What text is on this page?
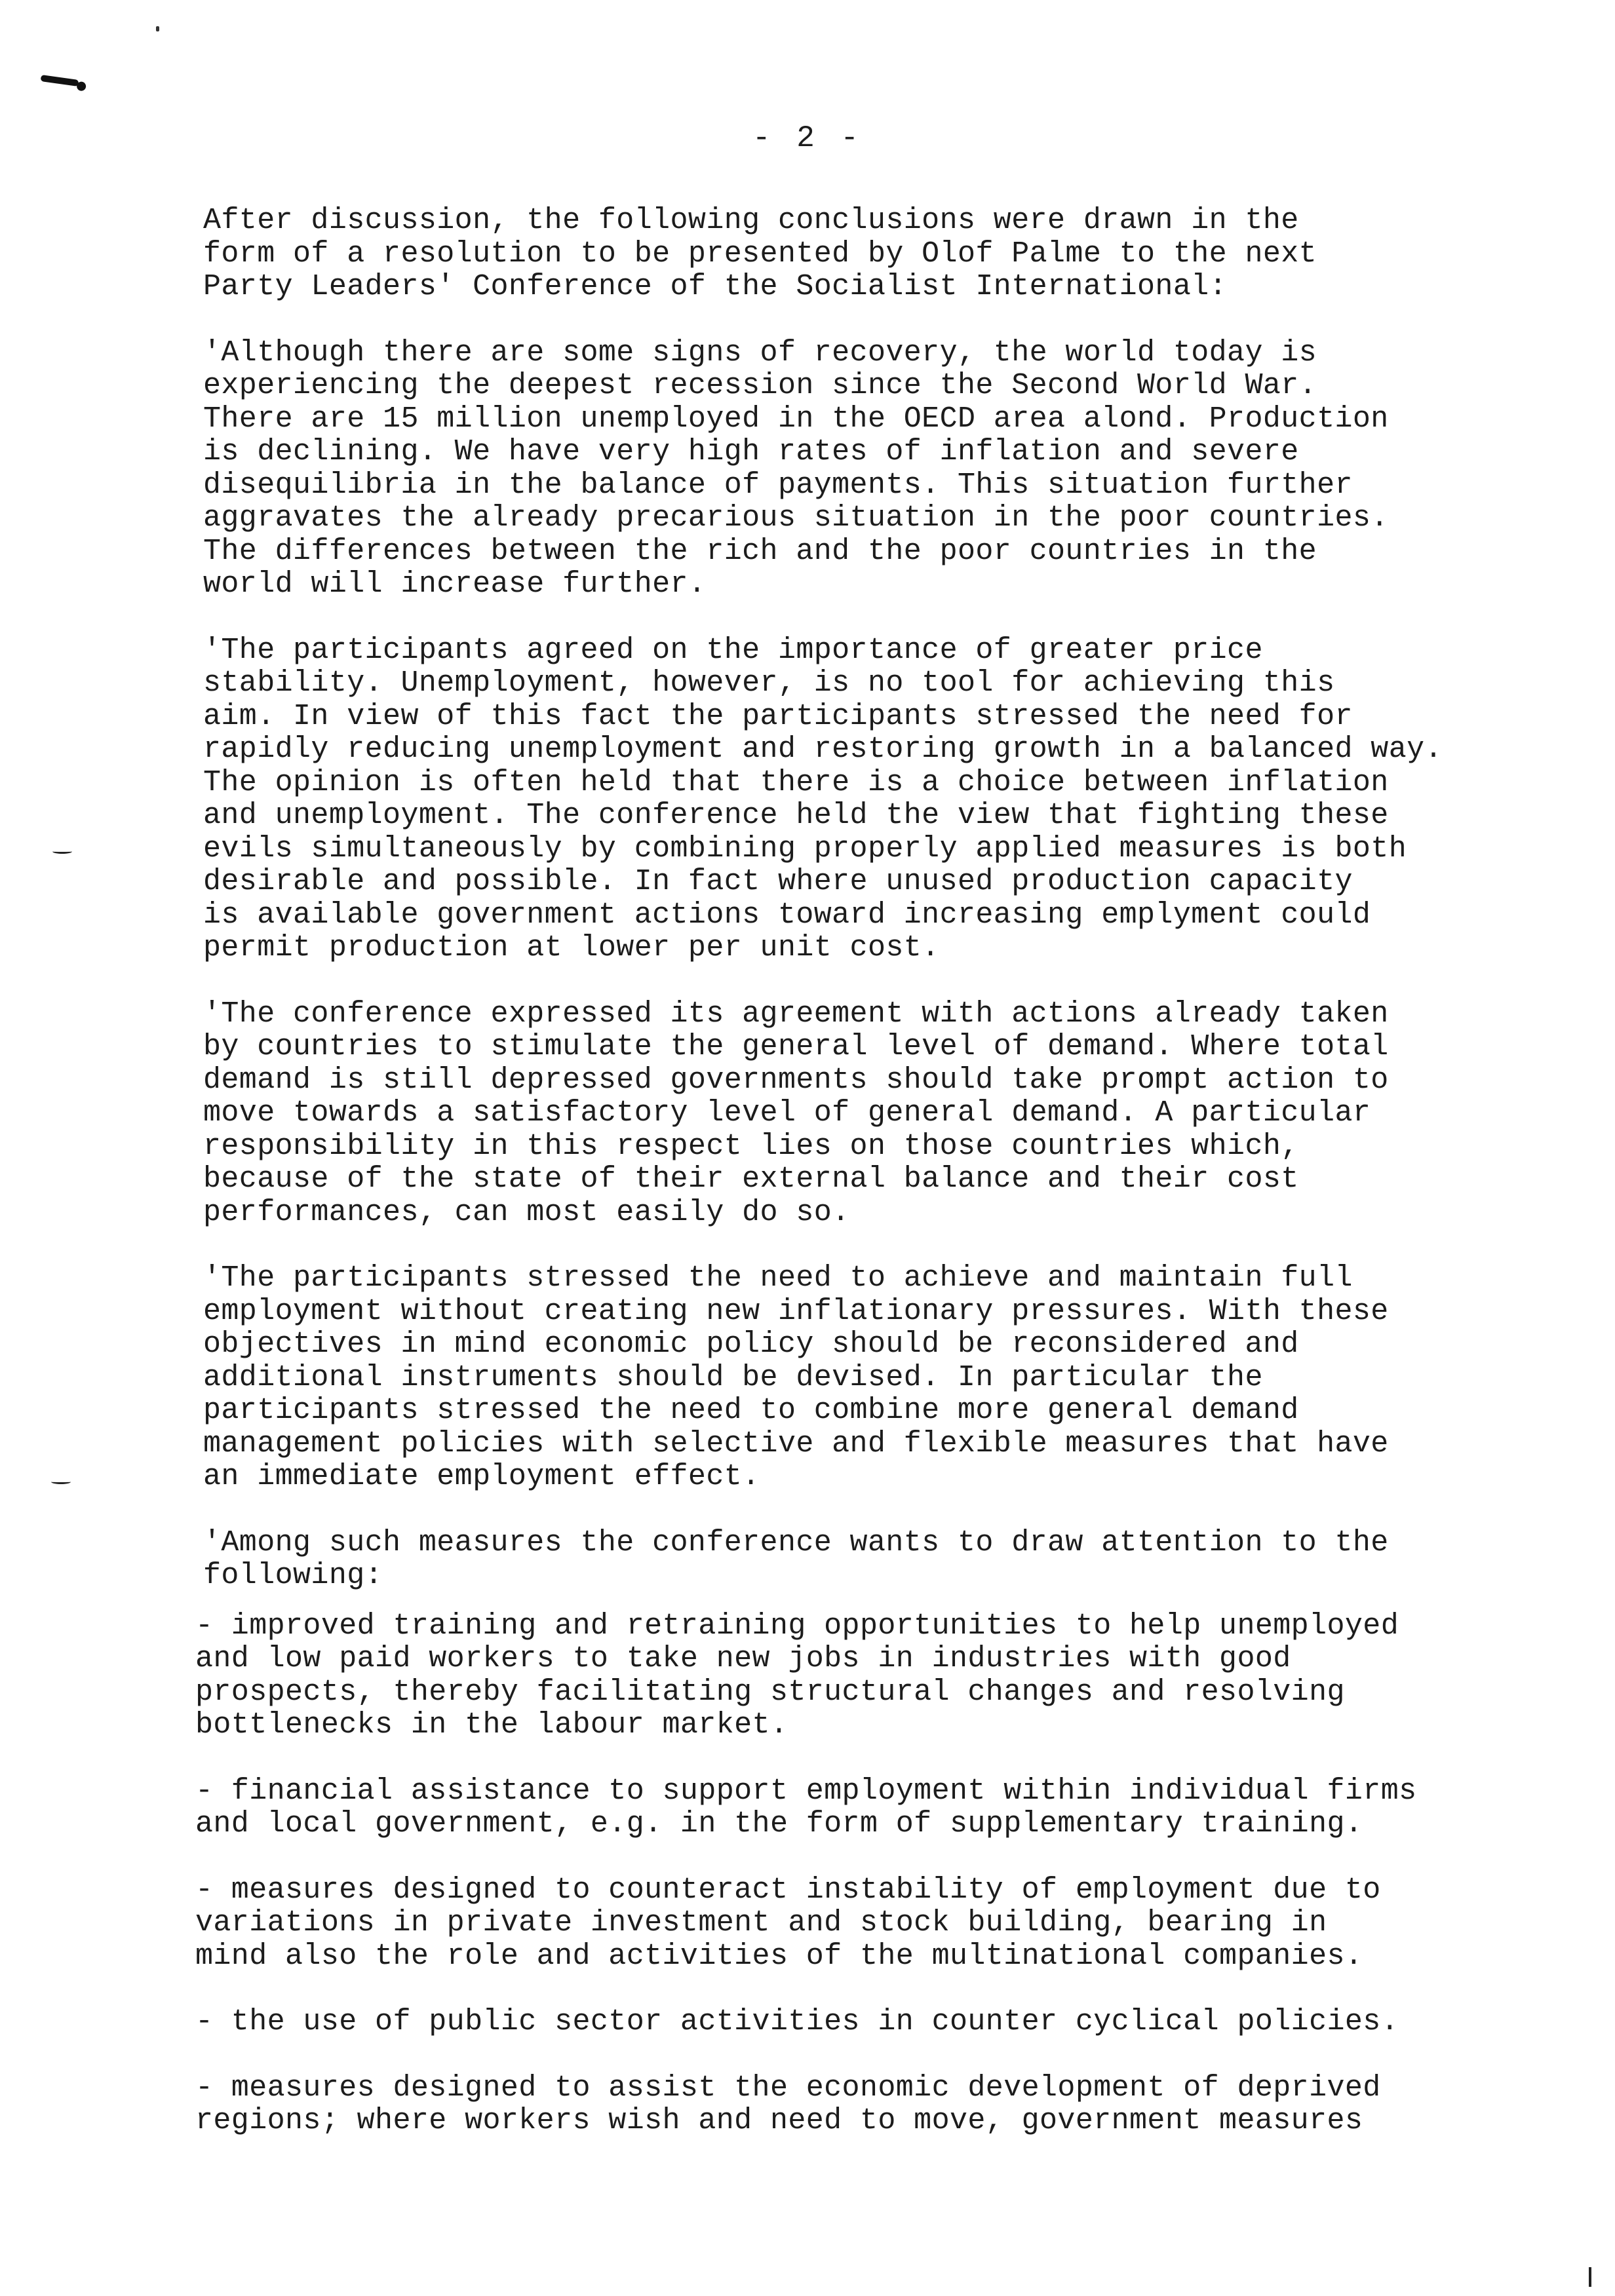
- 2 -

After discussion, the following conclusions were drawn in the
form of a resolution to be presented by Olof Palme to the next
Party Leaders' Conference of the Socialist International:

'Although there are some signs of recovery, the world today is
experiencing the deepest recession since the Second World War.
There are 15 million unemployed in the OECD area alond. Production
is declining. We have very high rates of inflation and severe
disequilibria in the balance of payments. This situation further
aggravates the already precarious situation in the poor countries.
The differences between the rich and the poor countries in the
world will increase further.

'The participants agreed on the importance of greater price
stability. Unemployment, however, is no tool for achieving this
aim. In view of this fact the participants stressed the need for
rapidly reducing unemployment and restoring growth in a balanced way.
The opinion is often held that there is a choice between inflation
and unemployment. The conference held the view that fighting these
evils simultaneously by combining properly applied measures is both
desirable and possible. In fact where unused production capacity
is available government actions toward increasing emplyment could
permit production at lower per unit cost.

'The conference expressed its agreement with actions already taken
by countries to stimulate the general level of demand. Where total
demand is still depressed governments should take prompt action to
move towards a satisfactory level of general demand. A particular
responsibility in this respect lies on those countries which,
because of the state of their external balance and their cost
performances, can most easily do so.

'The participants stressed the need to achieve and maintain full
employment without creating new inflationary pressures. With these
objectives in mind economic policy should be reconsidered and
additional instruments should be devised. In particular the
participants stressed the need to combine more general demand
management policies with selective and flexible measures that have
an immediate employment effect.

'Among such measures the conference wants to draw attention to the
following:

- improved training and retraining opportunities to help unemployed
and low paid workers to take new jobs in industries with good
prospects, thereby facilitating structural changes and resolving
bottlenecks in the labour market.

- financial assistance to support employment within individual firms
and local government, e.g. in the form of supplementary training.

- measures designed to counteract instability of employment due to
variations in private investment and stock building, bearing in
mind also the role and activities of the multinational companies.

- the use of public sector activities in counter cyclical policies.

- measures designed to assist the economic development of deprived
regions; where workers wish and need to move, government measures
